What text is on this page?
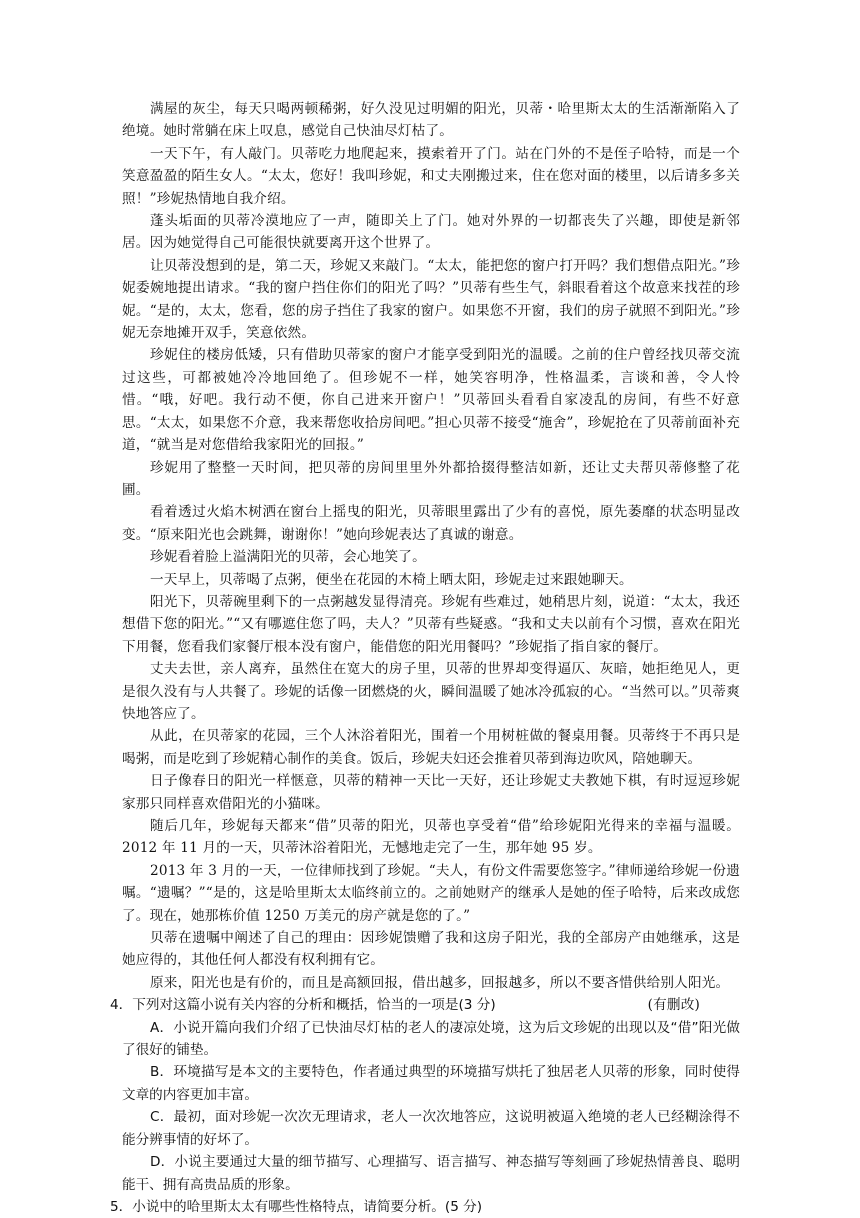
满屋的灰尘，每天只喝两顿稀粥，好久没见过明媚的阳光，贝蒂・哈里斯太太的生活渐渐陷入了绝境。她时常躺在床上叹息，感觉自己快油尽灯枯了。

一天下午，有人敲门。贝蒂吃力地爬起来，摸索着开了门。站在门外的不是侄子哈特，而是一个笑意盈盈的陌生女人。“太太，您好！我叫珍妮，和丈夫刚搬过来，住在您对面的楼里，以后请多多关照！”珍妮热情地自我介绍。

蓬头垢面的贝蒂冷漠地应了一声，随即关上了门。她对外界的一切都丧失了兴趣，即使是新邻居。因为她觉得自己可能很快就要离开这个世界了。

让贝蒂没想到的是，第二天，珍妮又来敲门。“太太，能把您的窗户打开吗？我们想借点阳光。”珍妮委婉地提出请求。“我的窗户挡住你们的阳光了吗？”贝蒂有些生气，斜眼看着这个故意来找茬的珍妮。“是的，太太，您看，您的房子挡住了我家的窗户。如果您不开窗，我们的房子就照不到阳光。”珍妮无奈地摊开双手，笑意依然。

珍妮住的楼房低矮，只有借助贝蒂家的窗户才能享受到阳光的温暖。之前的住户曾经找贝蒂交流过这些，可都被她冷冷地回绝了。但珍妮不一样，她笑容明净，性格温柔，言谈和善，令人怜惜。“哦，好吧。我行动不便，你自己进来开窗户！”贝蒂回头看看自家凌乱的房间，有些不好意思。“太太，如果您不介意，我来帮您收拾房间吧。”担心贝蒂不接受“施舍”，珍妮抢在了贝蒂前面补充道，“就当是对您借给我家阳光的回报。”

珍妮用了整整一天时间，把贝蒂的房间里里外外都拾掇得整洁如新，还让丈夫帮贝蒂修整了花圃。

看着透过火焰木树洒在窗台上摇曳的阳光，贝蒂眼里露出了少有的喜悦，原先萎靡的状态明显改变。“原来阳光也会跳舞，谢谢你！”她向珍妮表达了真诚的谢意。

珍妮看着脸上溢满阳光的贝蒂，会心地笑了。

一天早上，贝蒂喝了点粥，便坐在花园的木椅上晒太阳，珍妮走过来跟她聊天。

阳光下，贝蒂碗里剩下的一点粥越发显得清亮。珍妮有些难过，她稍思片刻，说道：“太太，我还想借下您的阳光。”“又有哪遮住您了吗，夫人？”贝蒂有些疑惑。“我和丈夫以前有个习惯，喜欢在阳光下用餐，您看我们家餐厅根本没有窗户，能借您的阳光用餐吗？”珍妮指了指自家的餐厅。

丈夫去世，亲人离弃，虽然住在宽大的房子里，贝蒂的世界却变得逼仄、灰暗，她拒绝见人，更是很久没有与人共餐了。珍妮的话像一团燃烧的火，瞬间温暖了她冰冷孤寂的心。“当然可以。”贝蒂爽快地答应了。

从此，在贝蒂家的花园，三个人沐浴着阳光，围着一个用树桩做的餐桌用餐。贝蒂终于不再只是喝粥，而是吃到了珍妮精心制作的美食。饭后，珍妮夫妇还会推着贝蒂到海边吹风，陪她聊天。

日子像春日的阳光一样惬意，贝蒂的精神一天比一天好，还让珍妮丈夫教她下棋，有时逗逗珍妮家那只同样喜欢借阳光的小猫咪。

随后几年，珍妮每天都来“借”贝蒂的阳光，贝蒂也享受着“借”给珍妮阳光得来的幸福与温暖。2012 年 11 月的一天，贝蒂沐浴着阳光，无憾地走完了一生，那年她 95 岁。

2013 年 3 月的一天，一位律师找到了珍妮。“夫人，有份文件需要您签字。”律师递给珍妮一份遗嘱。“遗嘱？”“是的，这是哈里斯太太临终前立的。之前她财产的继承人是她的侄子哈特，后来改成您了。现在，她那栋价值 1250 万美元的房产就是您的了。”

贝蒂在遗嘱中阐述了自己的理由：因珍妮馈赠了我和这房子阳光，我的全部房产由她继承，这是她应得的，其他任何人都没有权利拥有它。

原来，阳光也是有价的，而且是高额回报，借出越多，回报越多，所以不要吝惜供给别人阳光。
(有删改)

4．下列对这篇小说有关内容的分析和概括，恰当的一项是(3 分)

A．小说开篇向我们介绍了已快油尽灯枯的老人的凄凉处境，这为后文珍妮的出现以及“借”阳光做了很好的铺垫。

B．环境描写是本文的主要特色，作者通过典型的环境描写烘托了独居老人贝蒂的形象，同时使得文章的内容更加丰富。

C．最初，面对珍妮一次次无理请求，老人一次次地答应，这说明被逼入绝境的老人已经糊涂得不能分辨事情的好坏了。

D．小说主要通过大量的细节描写、心理描写、语言描写、神态描写等刻画了珍妮热情善良、聪明能干、拥有高贵品质的形象。

5．小说中的哈里斯太太有哪些性格特点，请简要分析。(5 分)
